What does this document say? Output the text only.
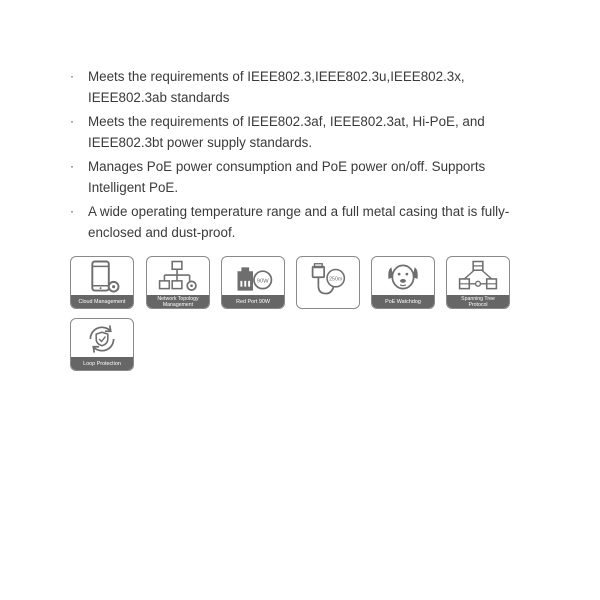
· Meets the requirements of IEEE802.3,IEEE802.3u,IEEE802.3x, IEEE802.3ab standards
· Meets the requirements of IEEE802.3af, IEEE802.3at, Hi-PoE, and IEEE802.3bt power supply standards.
· Manages PoE power consumption and PoE power on/off. Supports Intelligent PoE.
· A wide operating temperature range and a full metal casing that is fully-enclosed and dust-proof.
Cloud Management	Network Topology
Management
90W
Red Port 90W
250m
PoE Watchdog	Spanning Tree
Protocol
Loop Protection
